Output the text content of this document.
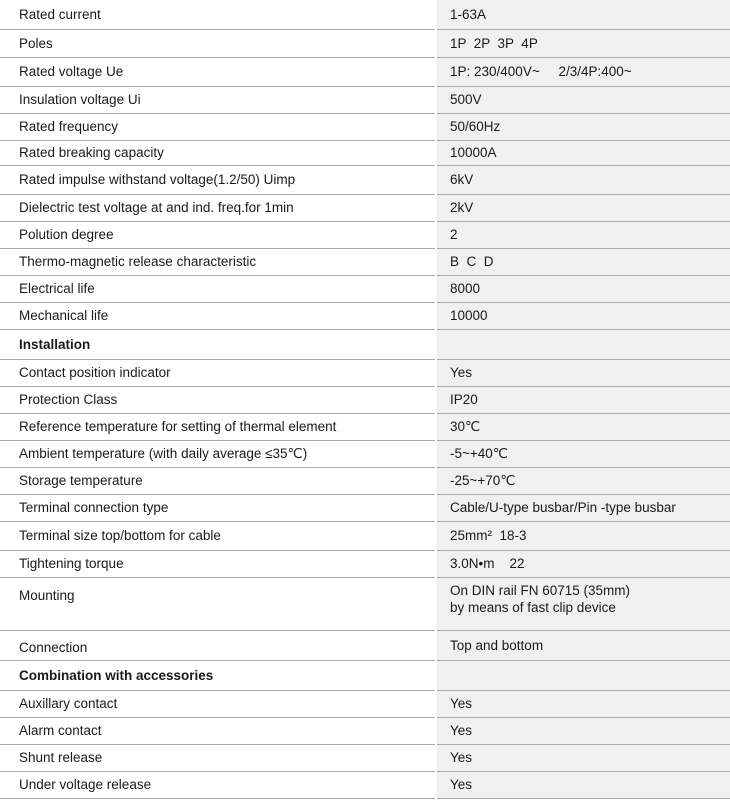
Rated current	1-63A
Poles	1P  2P  3P  4P
Rated voltage Ue	1P: 230/400V~     2/3/4P:400~
Insulation voltage Ui	500V
Rated frequency	50/60Hz
Rated breaking capacity	10000A
Rated impulse withstand voltage(1.2/50) Uimp	6kV
Dielectric test voltage at and ind. freq.for 1min	2kV
Polution degree	2
Thermo-magnetic release characteristic	B  C  D
Electrical life	8000
Mechanical life	10000
Installation	
Contact position indicator	Yes
Protection Class	IP20
Reference temperature for setting of thermal element	30℃
Ambient temperature (with daily average ≤35℃)	-5~+40℃
Storage temperature	-25~+70℃
Terminal connection type	Cable/U-type busbar/Pin -type busbar
Terminal size top/bottom for cable	25mm²  18-3
Tightening torque	3.0N•m    22
Mounting	On DIN rail FN 60715 (35mm)
by means of fast clip device

Connection	Top and bottom
Combination with accessories	
Auxillary contact	Yes
Alarm contact	Yes
Shunt release	Yes
Under voltage release	Yes
